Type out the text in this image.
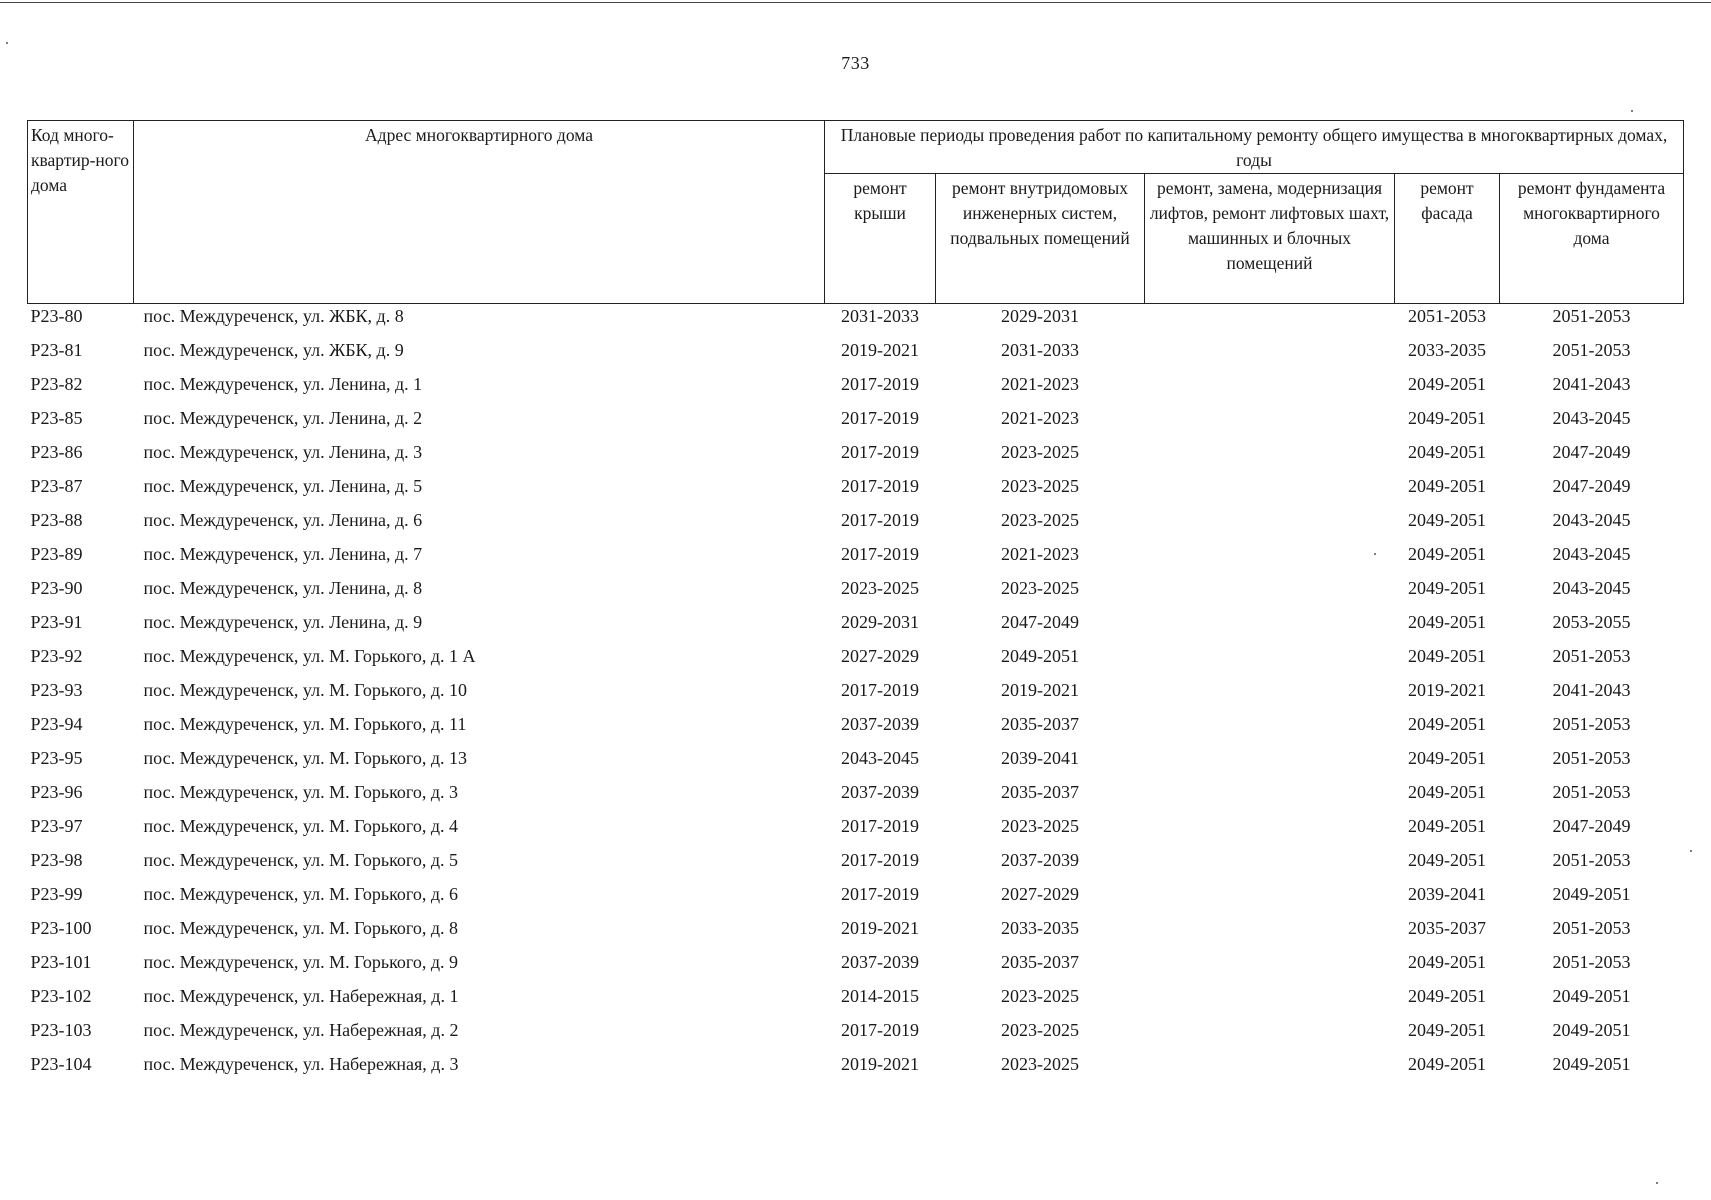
733
Код много-квартир-ного дома	Адрес многоквартирного дома	Плановые периоды проведения работ по капитальному ремонту общего имущества в многоквартирных домах, годы				
		ремонт крыши	ремонт внутридомовых инженерных систем, подвальных помещений	ремонт, замена, модернизация лифтов, ремонт лифтовых шахт, машинных и блочных помещений	ремонт фасада	ремонт фундамента многоквартирного дома
Р23-80	пос. Междуреченск, ул. ЖБК, д. 8	2031-2033	2029-2031		2051-2053	2051-2053
Р23-81	пос. Междуреченск, ул. ЖБК, д. 9	2019-2021	2031-2033		2033-2035	2051-2053
Р23-82	пос. Междуреченск, ул. Ленина, д. 1	2017-2019	2021-2023		2049-2051	2041-2043
Р23-85	пос. Междуреченск, ул. Ленина, д. 2	2017-2019	2021-2023		2049-2051	2043-2045
Р23-86	пос. Междуреченск, ул. Ленина, д. 3	2017-2019	2023-2025		2049-2051	2047-2049
Р23-87	пос. Междуреченск, ул. Ленина, д. 5	2017-2019	2023-2025		2049-2051	2047-2049
Р23-88	пос. Междуреченск, ул. Ленина, д. 6	2017-2019	2023-2025		2049-2051	2043-2045
Р23-89	пос. Междуреченск, ул. Ленина, д. 7	2017-2019	2021-2023		2049-2051	2043-2045
Р23-90	пос. Междуреченск, ул. Ленина, д. 8	2023-2025	2023-2025		2049-2051	2043-2045
Р23-91	пос. Междуреченск, ул. Ленина, д. 9	2029-2031	2047-2049		2049-2051	2053-2055
Р23-92	пос. Междуреченск, ул. М. Горького, д. 1 А	2027-2029	2049-2051		2049-2051	2051-2053
Р23-93	пос. Междуреченск, ул. М. Горького, д. 10	2017-2019	2019-2021		2019-2021	2041-2043
Р23-94	пос. Междуреченск, ул. М. Горького, д. 11	2037-2039	2035-2037		2049-2051	2051-2053
Р23-95	пос. Междуреченск, ул. М. Горького, д. 13	2043-2045	2039-2041		2049-2051	2051-2053
Р23-96	пос. Междуреченск, ул. М. Горького, д. 3	2037-2039	2035-2037		2049-2051	2051-2053
Р23-97	пос. Междуреченск, ул. М. Горького, д. 4	2017-2019	2023-2025		2049-2051	2047-2049
Р23-98	пос. Междуреченск, ул. М. Горького, д. 5	2017-2019	2037-2039		2049-2051	2051-2053
Р23-99	пос. Междуреченск, ул. М. Горького, д. 6	2017-2019	2027-2029		2039-2041	2049-2051
Р23-100	пос. Междуреченск, ул. М. Горького, д. 8	2019-2021	2033-2035		2035-2037	2051-2053
Р23-101	пос. Междуреченск, ул. М. Горького, д. 9	2037-2039	2035-2037		2049-2051	2051-2053
Р23-102	пос. Междуреченск, ул. Набережная, д. 1	2014-2015	2023-2025		2049-2051	2049-2051
Р23-103	пос. Междуреченск, ул. Набережная, д. 2	2017-2019	2023-2025		2049-2051	2049-2051
Р23-104	пос. Междуреченск, ул. Набережная, д. 3	2019-2021	2023-2025		2049-2051	2049-2051
